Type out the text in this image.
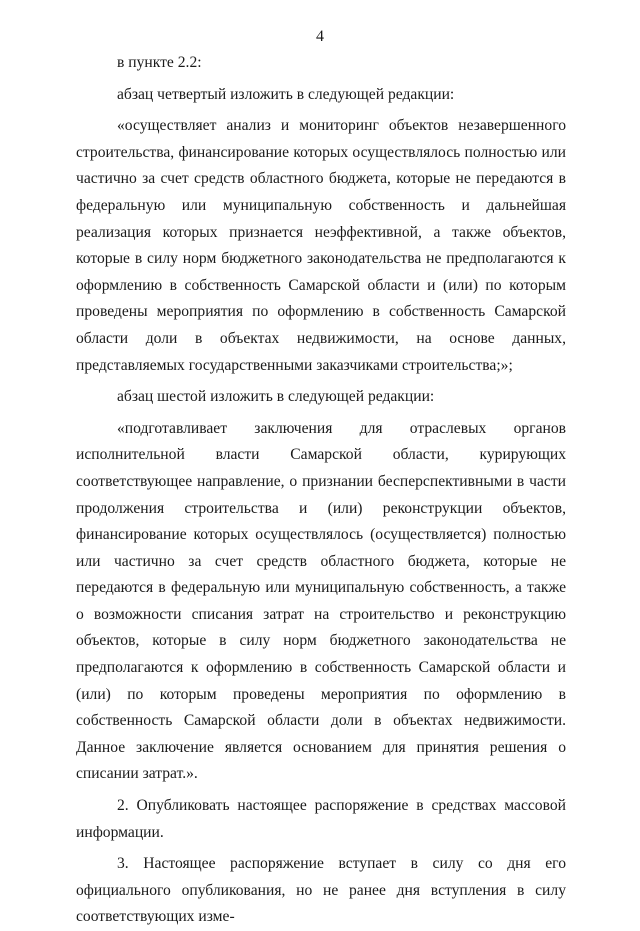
4

в пункте 2.2:

абзац четвертый изложить в следующей редакции:

«осуществляет анализ и мониторинг объектов незавершенного строительства, финансирование которых осуществлялось полностью или частично за счет средств областного бюджета, которые не передаются в федеральную или муниципальную собственность и дальнейшая реализация которых признается неэффективной, а также объектов, которые в силу норм бюджетного законодательства не предполагаются к оформлению в собственность Самарской области и (или) по которым проведены мероприятия по оформлению в собственность Самарской области доли в объектах недвижимости, на основе данных, представляемых государственными заказчиками строительства;»;

абзац шестой изложить в следующей редакции:

«подготавливает заключения для отраслевых органов исполнительной власти Самарской области, курирующих соответствующее направление, о признании бесперспективными в части продолжения строительства и (или) реконструкции объектов, финансирование которых осуществлялось (осуществляется) полностью или частично за счет средств областного бюджета, которые не передаются в федеральную или муниципальную собственность, а также о возможности списания затрат на строительство и реконструкцию объектов, которые в силу норм бюджетного законодательства не предполагаются к оформлению в собственность Самарской области и (или) по которым проведены мероприятия по оформлению в собственность Самарской области доли в объектах недвижимости. Данное заключение является основанием для принятия решения о списании затрат.».

2. Опубликовать настоящее распоряжение в средствах массовой информации.

3. Настоящее распоряжение вступает в силу со дня его официального опубликования, но не ранее дня вступления в силу соответствующих изме-
